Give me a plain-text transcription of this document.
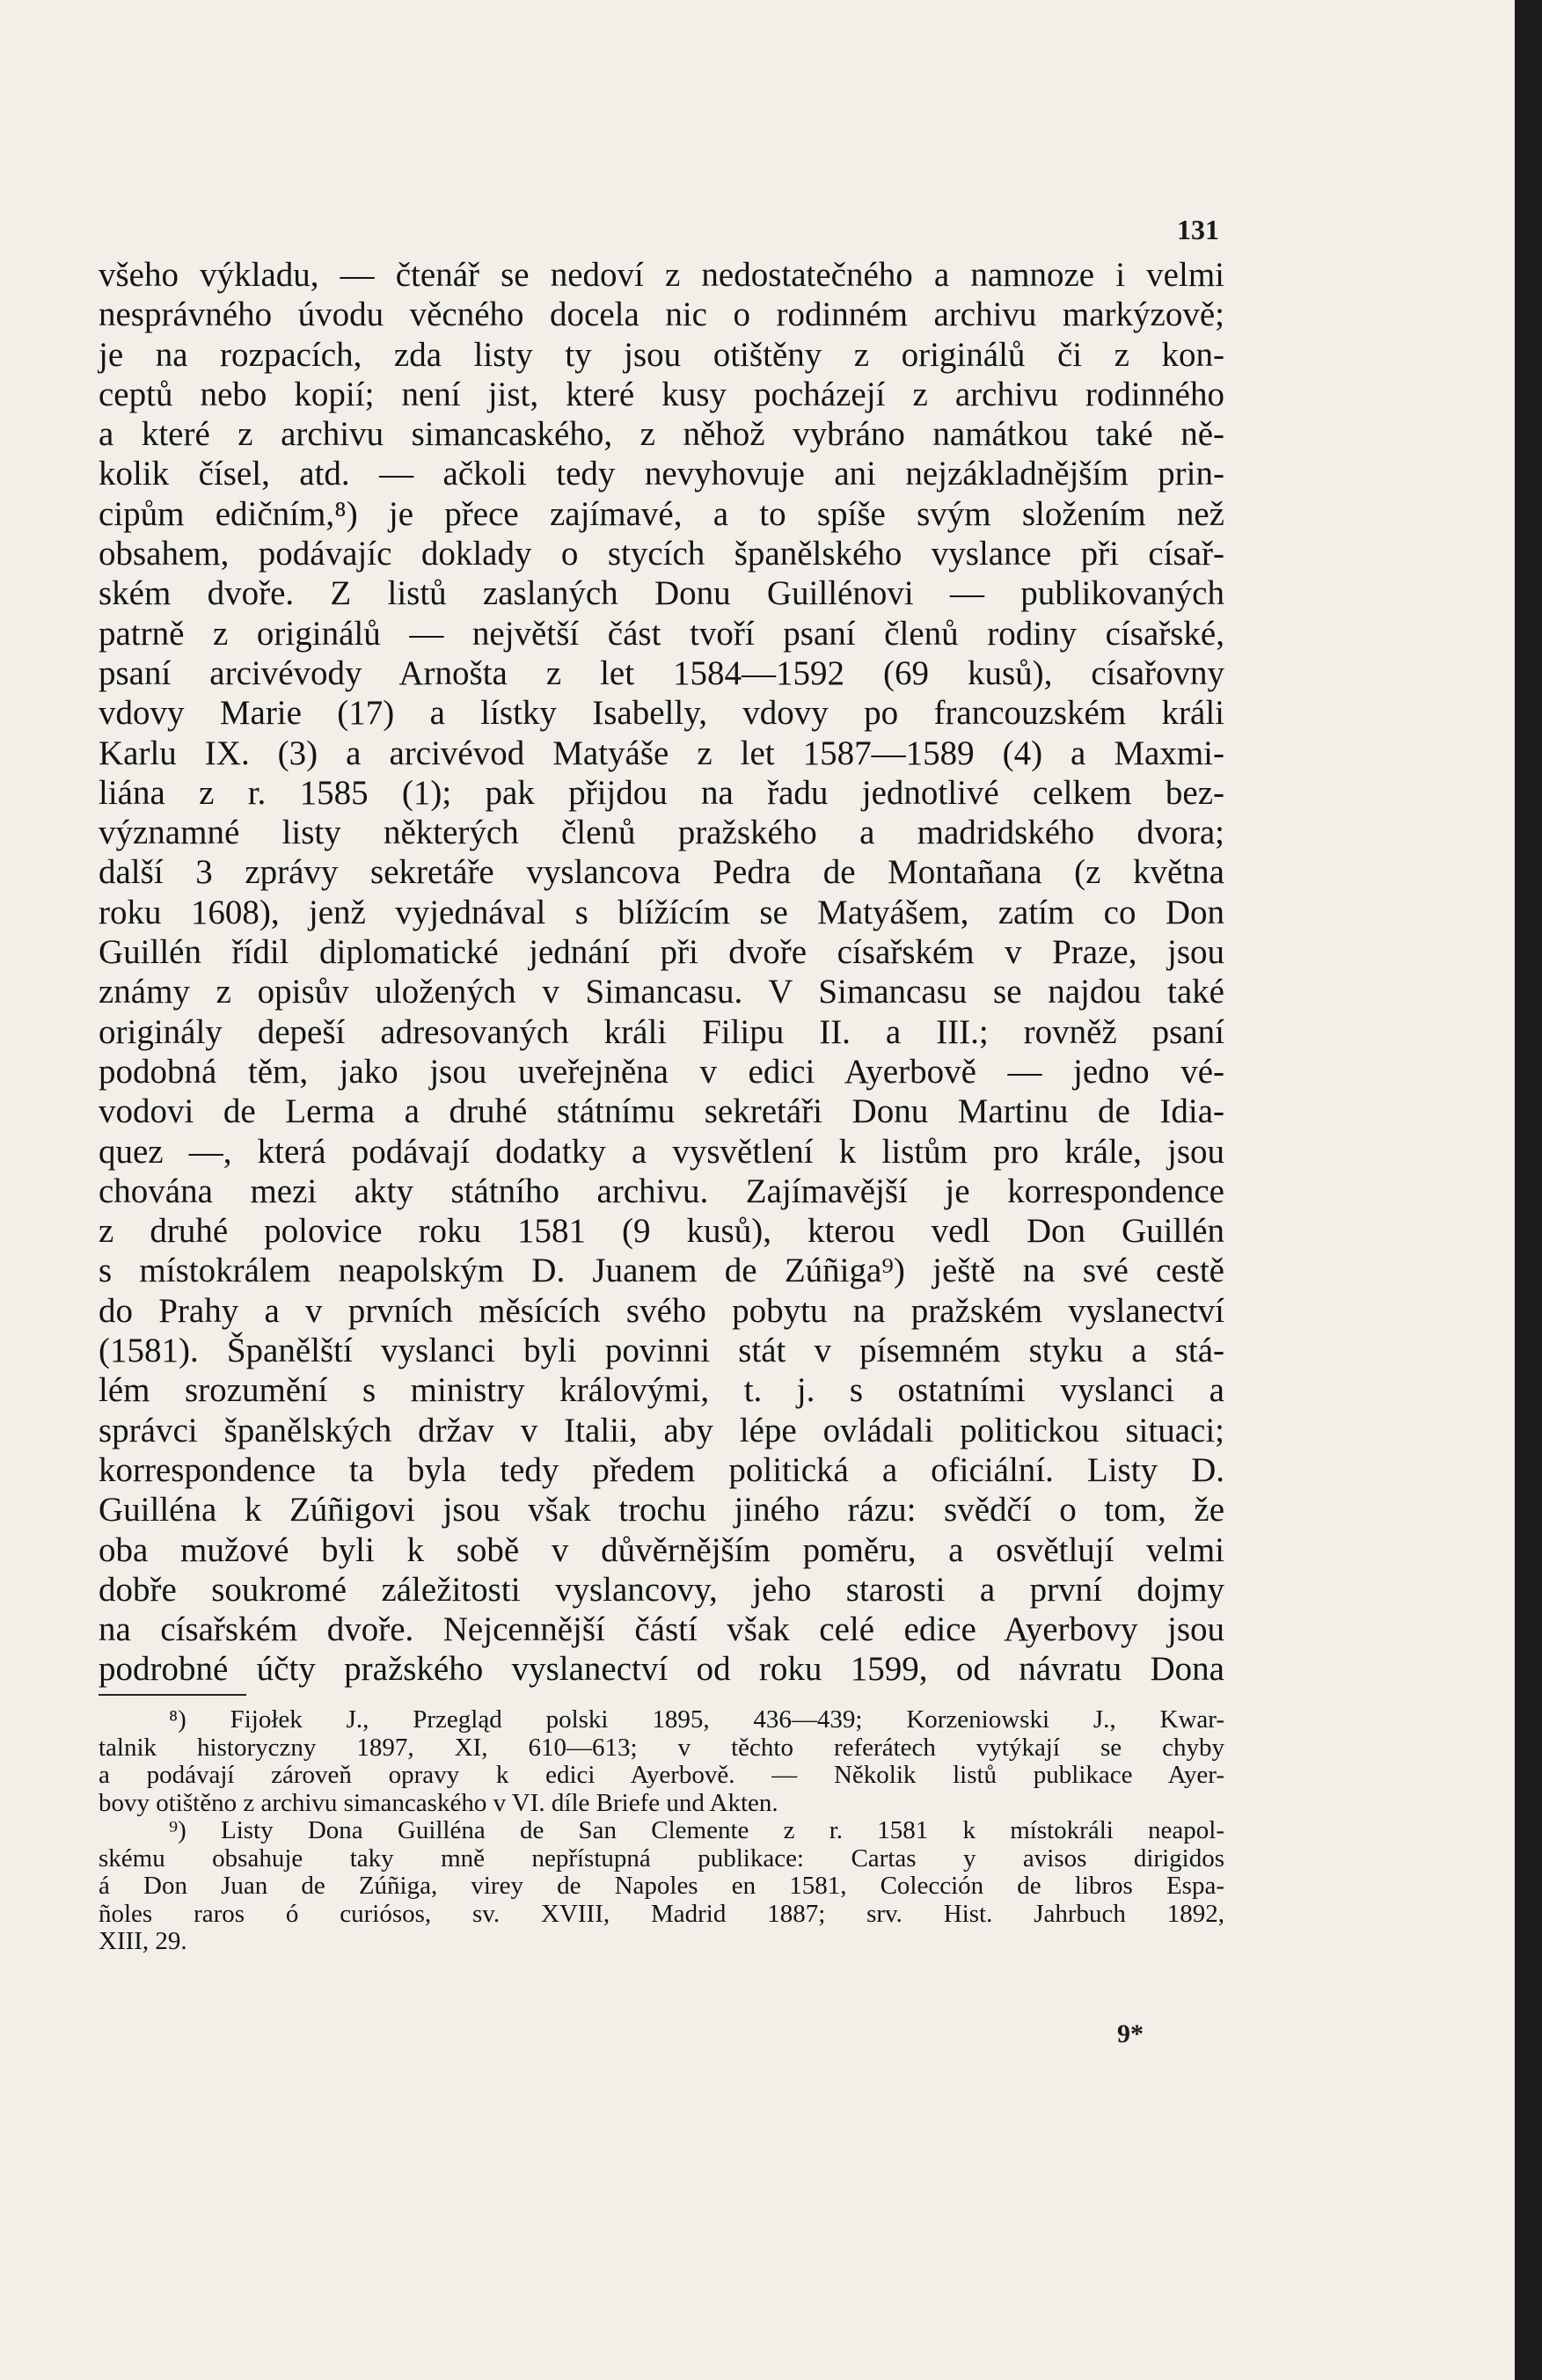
131
všeho výkladu, — čtenář se nedoví z nedostatečného a namnoze i velmi
nesprávného úvodu věcného docela nic o rodinném archivu markýzově;
je na rozpacích, zda listy ty jsou otištěny z originálů či z kon-
ceptů nebo kopií; není jist, které kusy pocházejí z archivu rodinného
a které z archivu simancaského, z něhož vybráno namátkou také ně-
kolik čísel, atd. — ačkoli tedy nevyhovuje ani nejzákladnějším prin-
cipům edičním,⁸) je přece zajímavé, a to spíše svým složením než
obsahem, podávajíc doklady o stycích španělského vyslance při císař-
ském dvoře. Z listů zaslaných Donu Guillénovi — publikovaných
patrně z originálů — největší část tvoří psaní členů rodiny císařské,
psaní arcivévody Arnošta z let 1584—1592 (69 kusů), císařovny
vdovy Marie (17) a lístky Isabelly, vdovy po francouzském králi
Karlu IX. (3) a arcivévod Matyáše z let 1587—1589 (4) a Maxmi-
liána z r. 1585 (1); pak přijdou na řadu jednotlivé celkem bez-
významné listy některých členů pražského a madridského dvora;
další 3 zprávy sekretáře vyslancova Pedra de Montañana (z května
roku 1608), jenž vyjednával s blížícím se Matyášem, zatím co Don
Guillén řídil diplomatické jednání při dvoře císařském v Praze, jsou
známy z opisův uložených v Simancasu. V Simancasu se najdou také
originály depeší adresovaných králi Filipu II. a III.; rovněž psaní
podobná těm, jako jsou uveřejněna v edici Ayerbově — jedno vé-
vodovi de Lerma a druhé státnímu sekretáři Donu Martinu de Idia-
quez —, která podávají dodatky a vysvětlení k listům pro krále, jsou
chována mezi akty státního archivu. Zajímavější je korrespondence
z druhé polovice roku 1581 (9 kusů), kterou vedl Don Guillén
s místokrálem neapolským D. Juanem de Zúñiga⁹) ještě na své cestě
do Prahy a v prvních měsících svého pobytu na pražském vyslanectví
(1581). Španělští vyslanci byli povinni stát v písemném styku a stá-
lém srozumění s ministry královými, t. j. s ostatními vyslanci a
správci španělských držav v Italii, aby lépe ovládali politickou situaci;
korrespondence ta byla tedy předem politická a oficiální. Listy D.
Guilléna k Zúñigovi jsou však trochu jiného rázu: svědčí o tom, že
oba mužové byli k sobě v důvěrnějším poměru, a osvětlují velmi
dobře soukromé záležitosti vyslancovy, jeho starosti a první dojmy
na císařském dvoře. Nejcennější částí však celé edice Ayerbovy jsou
podrobné účty pražského vyslanectví od roku 1599, od návratu Dona
⁸) Fijołek J., Przegląd polski 1895, 436—439; Korzeniowski J., Kwar-
talnik historyczny 1897, XI, 610—613; v těchto referátech vytýkají se chyby
a podávají zároveň opravy k edici Ayerbově. — Několik listů publikace Ayer-
bovy otištěno z archivu simancaského v VI. díle Briefe und Akten.
⁹) Listy Dona Guilléna de San Clemente z r. 1581 k místokráli neapol-
skému obsahuje taky mně nepřístupná publikace: Cartas y avisos dirigidos
á Don Juan de Zúñiga, virey de Napoles en 1581, Colección de libros Espa-
ñoles raros ó curiósos, sv. XVIII, Madrid 1887; srv. Hist. Jahrbuch 1892,
XIII, 29.
9*
